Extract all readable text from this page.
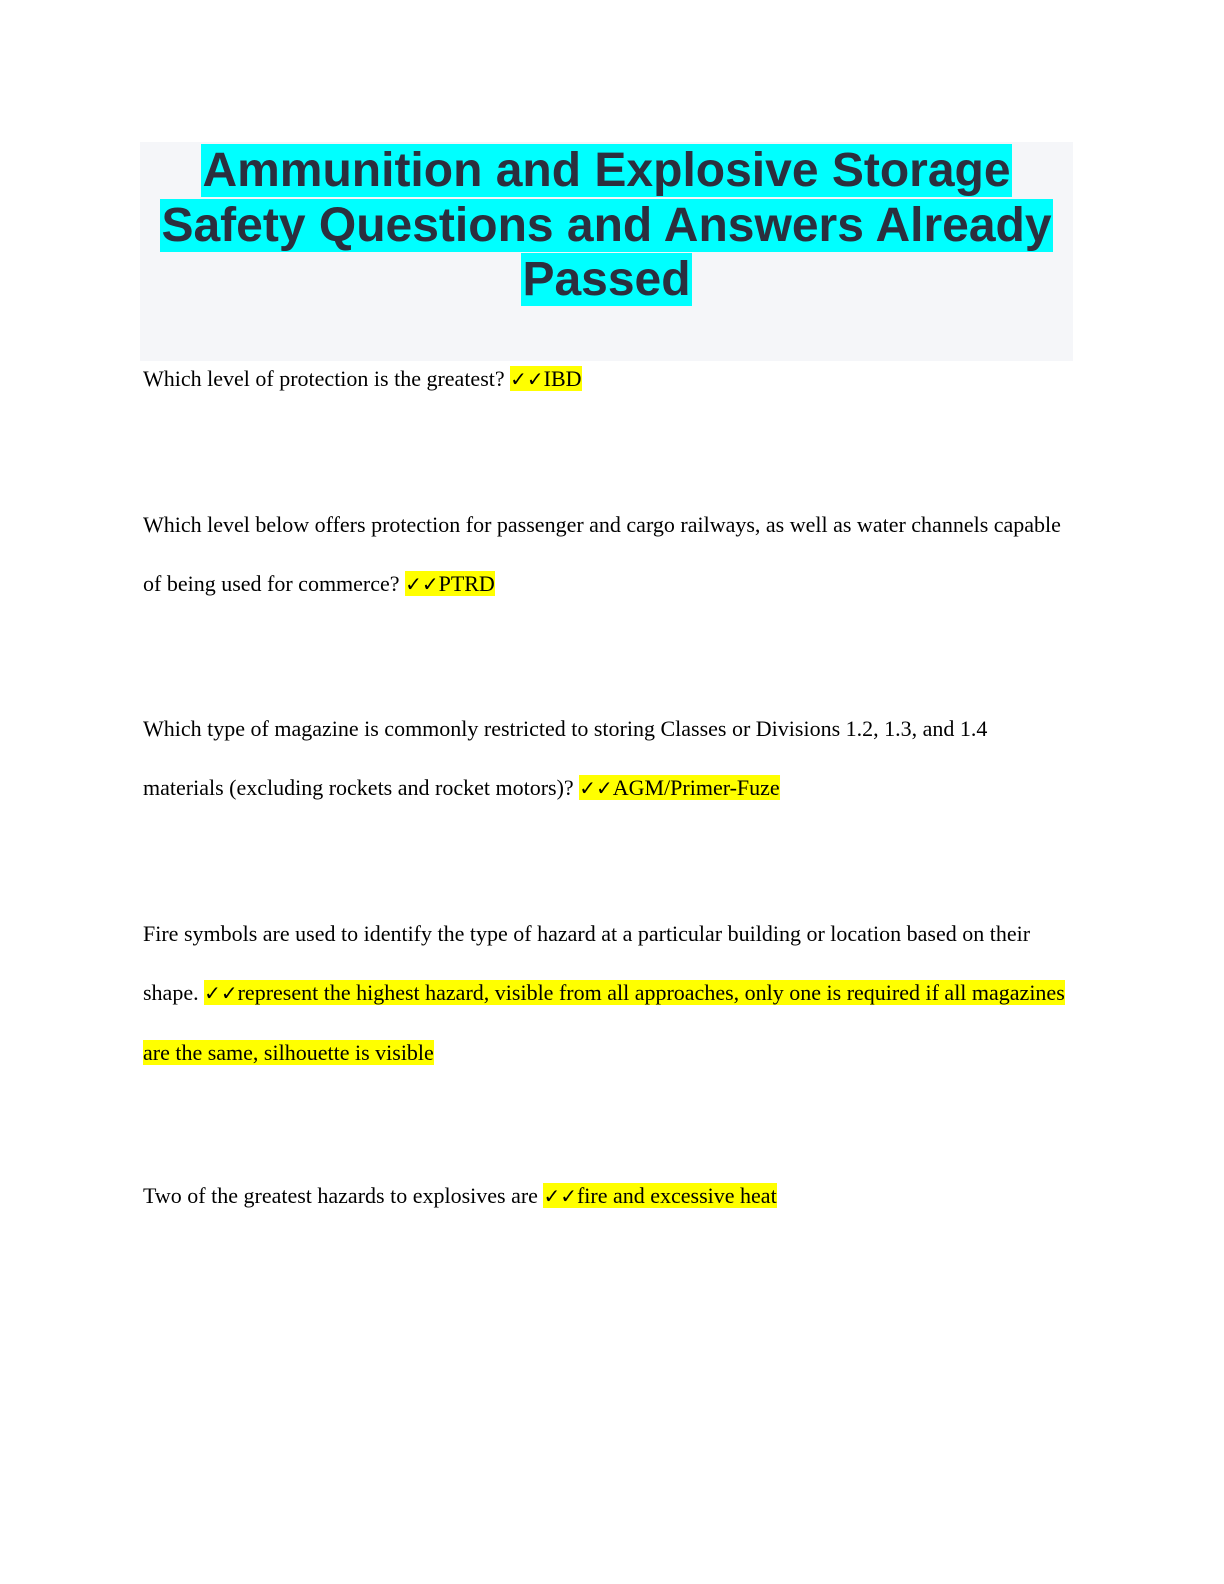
Ammunition and Explosive Storage Safety Questions and Answers Already Passed

Which level of protection is the greatest? ✓✓IBD

Which level below offers protection for passenger and cargo railways, as well as water channels capable of being used for commerce? ✓✓PTRD

Which type of magazine is commonly restricted to storing Classes or Divisions 1.2, 1.3, and 1.4 materials (excluding rockets and rocket motors)? ✓✓AGM/Primer-Fuze

Fire symbols are used to identify the type of hazard at a particular building or location based on their shape. ✓✓represent the highest hazard, visible from all approaches, only one is required if all magazines are the same, silhouette is visible

Two of the greatest hazards to explosives are ✓✓fire and excessive heat
